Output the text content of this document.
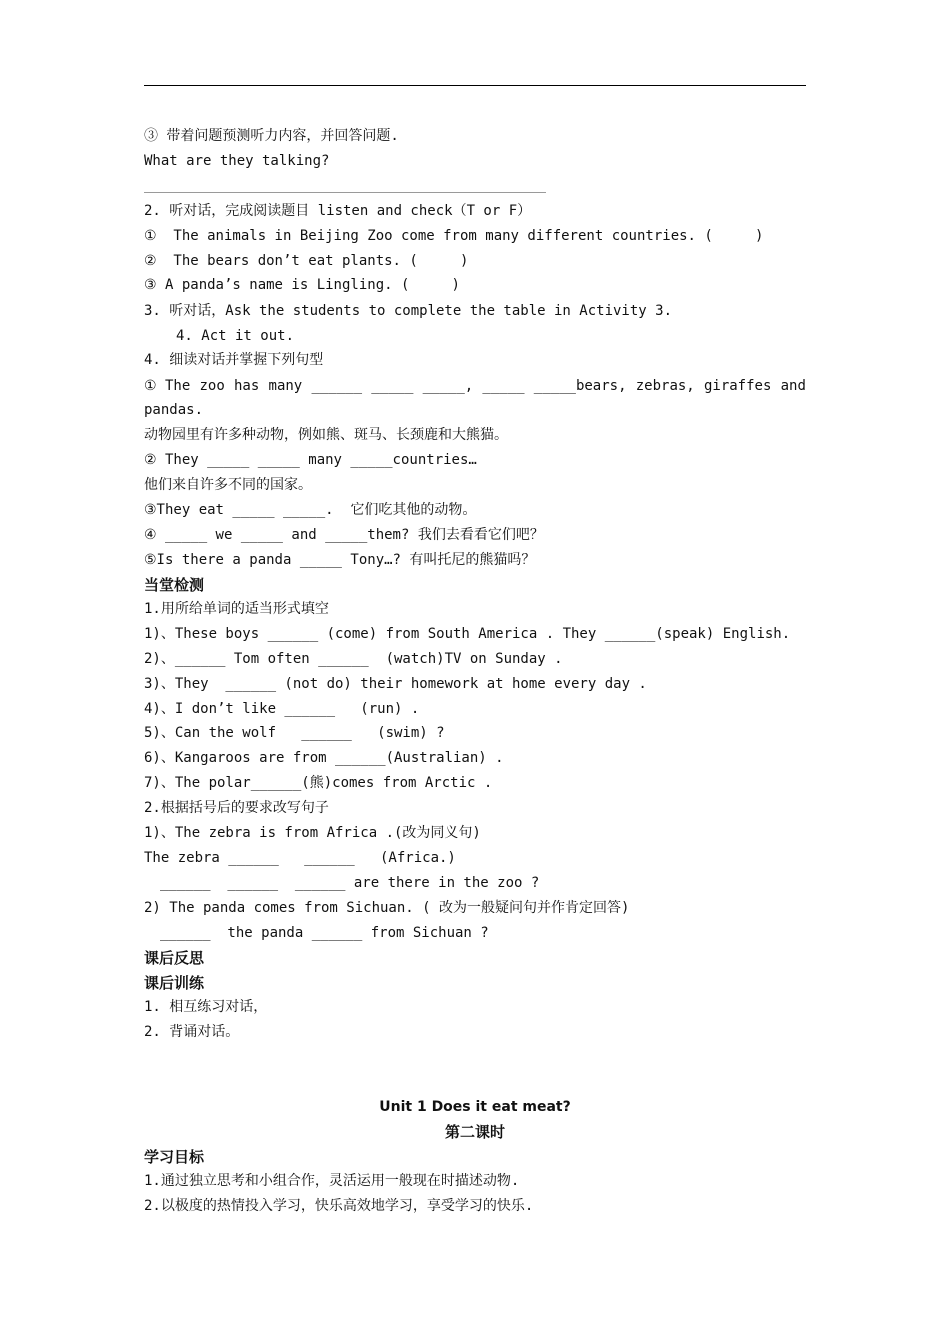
③ 带着问题预测听力内容，并回答问题.
What are they talking?
2. 听对话，完成阅读题目 listen and check（T or F）
①  The animals in Beijing Zoo come from many different countries. (     )
②  The bears don’t eat plants. (     )
③ A panda’s name is Lingling. (     )
3. 听对话，Ask the students to complete the table in Activity 3.
4. Act it out.
4. 细读对话并掌握下列句型
① The zoo has many ______ _____ _____, _____ _____bears, zebras, giraffes and
pandas.
动物园里有许多种动物，例如熊、斑马、长颈鹿和大熊猫。
② They _____ _____ many _____countries…
他们来自许多不同的国家。
③They eat _____ _____.  它们吃其他的动物。
④ _____ we _____ and _____them? 我们去看看它们吧？
⑤Is there a panda _____ Tony…? 有叫托尼的熊猫吗？
当堂检测
1.用所给单词的适当形式填空
1)、These boys ______ (come) from South America . They ______(speak) English.
2)、______ Tom often ______  (watch)TV on Sunday .
3)、They  ______ (not do) their homework at home every day .
4)、I don’t like ______   (run) .
5)、Can the wolf   ______   (swim) ?
6)、Kangaroos are from ______(Australian) .
7)、The polar______(熊)comes from Arctic .
2.根据括号后的要求改写句子
1)、The zebra is from Africa .(改为同义句)
The zebra ______   ______   (Africa.)
______  ______  ______ are there in the zoo ?
2) The panda comes from Sichuan. ( 改为一般疑问句并作肯定回答)
______  the panda ______ from Sichuan ?
课后反思
课后训练
1. 相互练习对话，
2. 背诵对话。
Unit 1 Does it eat meat?
第二课时
学习目标
1.通过独立思考和小组合作，灵活运用一般现在时描述动物.
2.以极度的热情投入学习，快乐高效地学习，享受学习的快乐.
